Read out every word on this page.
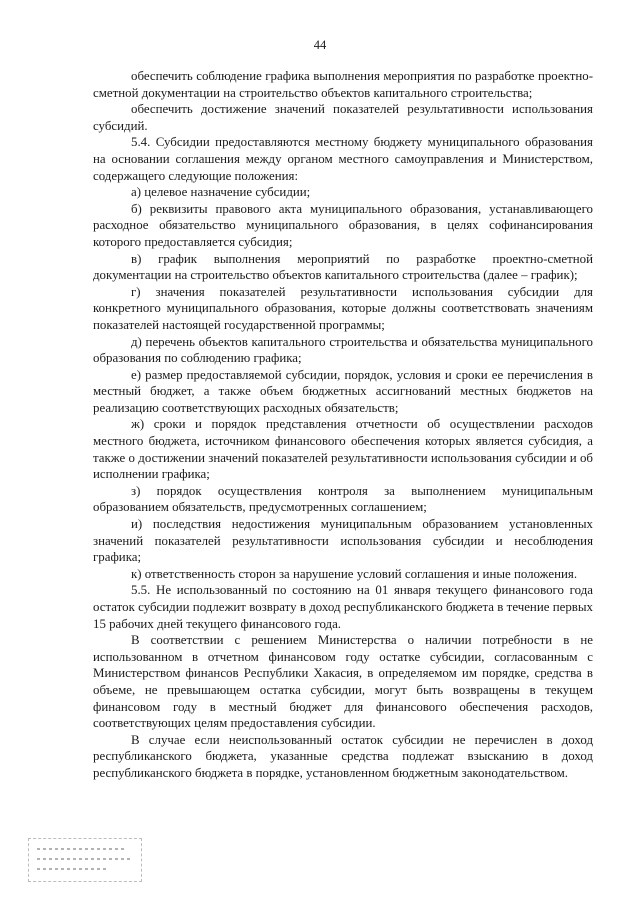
44

обеспечить соблюдение графика выполнения мероприятия по разработке проектно-сметной документации на строительство объектов капитального строительства;

обеспечить достижение значений показателей результативности использования субсидий.

5.4. Субсидии предоставляются местному бюджету муниципального образования на основании соглашения между органом местного самоуправления и Министерством, содержащего следующие положения:

а) целевое назначение субсидии;

б) реквизиты правового акта муниципального образования, устанавливающего расходное обязательство муниципального образования, в целях софинансирования которого предоставляется субсидия;

в) график выполнения мероприятий по разработке проектно-сметной документации на строительство объектов капитального строительства (далее – график);

г) значения показателей результативности использования субсидии для конкретного муниципального образования, которые должны соответствовать значениям показателей настоящей государственной программы;

д) перечень объектов капитального строительства и обязательства муниципального образования по соблюдению графика;

е) размер предоставляемой субсидии, порядок, условия и сроки ее перечисления в местный бюджет, а также объем бюджетных ассигнований местных бюджетов на реализацию соответствующих расходных обязательств;

ж) сроки и порядок представления отчетности об осуществлении расходов местного бюджета, источником финансового обеспечения которых является субсидия, а также о достижении значений показателей результативности использования субсидии и об исполнении графика;

з) порядок осуществления контроля за выполнением муниципальным образованием обязательств, предусмотренных соглашением;

и) последствия недостижения муниципальным образованием установленных значений показателей результативности использования субсидии и несоблюдения графика;

к) ответственность сторон за нарушение условий соглашения и иные положения.

5.5. Не использованный по состоянию на 01 января текущего финансового года остаток субсидии подлежит возврату в доход республиканского бюджета в течение первых 15 рабочих дней текущего финансового года.

В соответствии с решением Министерства о наличии потребности в не использованном в отчетном финансовом году остатке субсидии, согласованным с Министерством финансов Республики Хакасия, в определяемом им порядке, средства в объеме, не превышающем остатка субсидии, могут быть возвращены в текущем финансовом году в местный бюджет для финансового обеспечения расходов, соответствующих целям предоставления субсидии.

В случае если неиспользованный остаток субсидии не перечислен в доход республиканского бюджета, указанные средства подлежат взысканию в доход республиканского бюджета в порядке, установленном бюджетным законодательством.
